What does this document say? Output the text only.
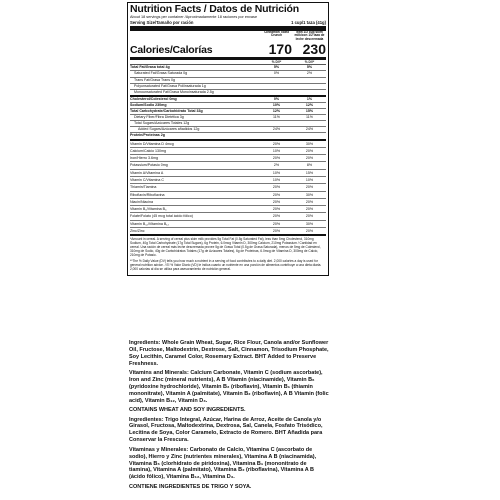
Nutrition Facts / Datos de Nutrición
About 18 servings per container /Aproximadamente 18 raciones por envase
Serving Size/Tamaño por ración	1 cup/1 taza (41g)
Cinnamon Toast Crunch
with 1/2 cup skim milk/con 1/2 taza de leche descremada
Calories/Calorías	170 230
% DV*	% DV*
Total Fat/Grasa total 4g	5%	5%
Saturated Fat/Grasa Saturada 0g	0%	2%
Trans Fat/Grasa Trans 0g
Polyunsaturated Fat/Grasa Poliinsaturada 1g
Monounsaturated Fat/Grasa Monoinsaturada 2.5g
Cholesterol/Colesterol 0mg	0%	1%
Sodium/Sodio 230mg	10%	12%
Total Carbohydrate/Carbohidrato Total 33g	12%	15%
Dietary Fiber/Fibra Dietética 3g	11%	11%
Total Sugars/Azúcares Totales 12g
Added Sugars/Azúcares añadidos 12g	24%	24%
Protein/Proteínas 2g
Vitamin D/Vitamina D 4mcg	20%	30%
Calcium/Calcio 130mg	10%	20%
Iron/Hierro 3.6mg	20%	20%
Potassium/Potasio 0mg	2%	8%
Vitamin A/Vitamina A	10%	15%
Vitamin C/Vitamina C	10%	10%
Thiamin/Tiamina	20%	20%
Riboflavin/Riboflavina	20%	30%
Niacin/Niacina	20%	20%
Vitamin B₆/Vitamina B₆	20%	20%
Folate/Folato (45 mcg total ácido fólico)	20%	20%
Vitamin B₁₂/Vitamina B₁₂	20%	30%
Zinc/Zinc	20%	20%

*Amount in cereal. A serving of cereal plus skim milk provides 5g Total Fat (0.5g Saturated Fat), less than 5mg Cholesterol, 310mg Sodium, 40g Total Carbohydrate (17g Total Sugars), 6g Protein, 6.0mcg Vitamin D, 300mg Calcium, 210mg Potassium / Cantidad en cereal. Una ración de cereal más leche descremada provee 5g de Grasa Total (0.5g de Grasa Saturada), menos de 5mg de Colesterol, 310mg de Sodio, 40g de Carbohidratos Totales (17g de Azúcares Totales), 6g de Proteínas, 6.0mcg de Vitamina D, 300mg de Calcio, 210mg de Potasio.

**The % Daily Value (DV) tells you how much a nutrient in a serving of food contributes to a daily diet. 2,000 calories a day is used for general nutrition advice. / El % Valor Diario (VD) le indica cuanto un nutriente en una porción de alimentos contribuye a una dieta diaria. 2,000 calorías al día se utiliza para asesoramiento de nutrición general.

Ingredients: Whole Grain Wheat, Sugar, Rice Flour, Canola and/or Sunflower Oil, Fructose, Maltodextrin, Dextrose, Salt, Cinnamon, Trisodium Phosphate, Soy Lecithin, Caramel Color, Rosemary Extract. BHT Added to Preserve Freshness.

Vitamins and Minerals: Calcium Carbonate, Vitamin C (sodium ascorbate), Iron and Zinc (mineral nutrients), A B Vitamin (niacinamide), Vitamin B₆ (pyridoxine hydrochloride), Vitamin B₂ (riboflavin), Vitamin B₁ (thiamin mononitrate), Vitamin A (palmitate), Vitamin B₂ (riboflavin), A B Vitamin (folic acid), Vitamin B₁₂, Vitamin D₃.

CONTAINS WHEAT AND SOY INGREDIENTS.

Ingredientes: Trigo Integral, Azúcar, Harina de Arroz, Aceite de Canola y/o Girasol, Fructosa, Maltodextrina, Dextrosa, Sal, Canela, Fosfato Trisódico, Lecitina de Soya, Color Caramelo, Extracto de Romero. BHT Añadida para Conservar la Frescura.

Vitaminas y Minerales: Carbonato de Calcio, Vitamina C (ascorbato de sodio), Hierro y Zinc (nutrientes minerales), Vitamina A B (niacinamida), Vitamina B₆ (clorhidrato de piridoxina), Vitamina B₁ (mononitrato de tiamina), Vitamina A (palmitato), Vitamina B₂ (riboflavina), Vitamina A B (ácido fólico), Vitamina B₁₂, Vitamina D₃.

CONTIENE INGREDIENTES DE TRIGO Y SOYA.
